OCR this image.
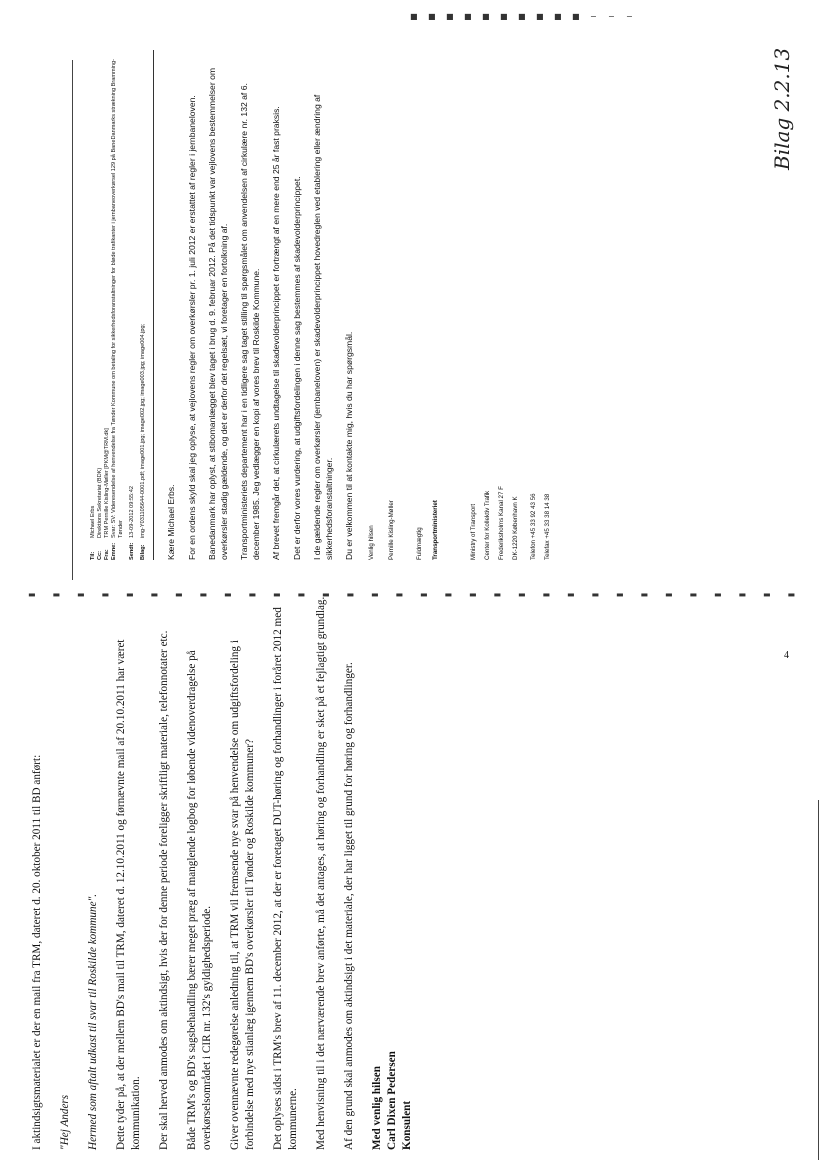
Bilag 2.2.13
■ ■ ■ ■ ■ ■ ■ ■ ■ ■ − − −
▬ ▬ ▬ ▬ ▬ ▬ ▬ ▬ ▬ ▬ ▬ ▬ ▬ ▬ ▬ ▬ ▬ ▬ ▬ ▬ ▬ ▬ ▬ ▬ ▬ ▬ ▬ ▬ ▬ ▬ ▬ ▬

I aktindsigtsmaterialet er der en mail fra TRM, dateret d. 20. oktober 2011 til BD anført: "Hej Anders Hermed som aftalt udkast til svar til Roskilde kommune". Dette tyder på, at der mellem BD's mail til TRM, dateret d. 12.10.2011 og førnævnte mail af 20.10.2011 har været kommunikation. Der skal herved anmodes om aktindsigt, hvis der for denne periode foreligger skriftligt materiale, telefonnotater etc. Både TRM's og BD's sagsbehandling bærer meget præg af manglende logbog for løbende videnoverdragelse på overkørselsområdet i CIR nr. 132's gyldighedsperiode. Giver ovennævnte redegørelse anledning til, at TRM vil fremsende nye svar på henvendelse om udgiftsfordeling i forbindelse med nye stianlæg igennem BD's overkørsler til Tønder og Roskilde kommuner? Det oplyses sidst i TRM's brev af 11. december 2012, at der er foretaget DUT-høring og forhandlinger i foråret 2012 med kommunerne. Med henvisning til i det nærværende brev anførte, må det antages, at høring og forhandling er sket på et fejlagtigt grundlag. Af den grund skal anmodes om aktindsigt i det materiale, der har ligget til grund for høring og forhandlinger. Med venlig hilsen Carl Dixen Pedersen Konsulent
4
Til:
Michael Erbs
Cc:
Direktions Sekretariat (BDK)
Fra:
TRM Pernille Kisling-Møller [PKM@TRM.dk]
Emne:
Svar: SV: Videresendelse af henvendelse fra Tønder Kommune om betaling for sikkerhedsforanstaltninger for bløde trafikanter i jernbaneoverkørsel 129 på BaneDanmarks strækning Bramming-Tønder
Sendt:
13-09-2012 09:55:42
Bilag:
img-Y031105644-0001.pdf; image001.jpg; image002.jpg; image003.jpg; image004.jpg; Kære Michael Erbs. For en ordens skyld skal jeg oplyse, at vejlovens regler om overkørsler pr. 1. juli 2012 er erstattet af regler i jernbaneloven. Banedanmark har oplyst, at stibomanlægget blev taget i brug d. 9. februar 2012. På det tidspunkt var vejlovens bestemmelser om overkørsler stadig gældende, og det er derfor det regelsæt, vi foretager en fortolkning af. Transportministeriets departement har i en tidligere sag taget stilling til spørgsmålet om anvendelsen af cirkulære nr. 132 af 6. december 1985. Jeg vedlægger en kopi af vores brev til Roskilde Kommune. Af brevet fremgår det, at cirkulærets undtagelse til skadevolderprincippet er fortrængt af en mere end 25 år fast praksis. Det er derfor vores vurdering, at udgiftsfordelingen i denne sag bestemmes af skadevolderprincippet. I de gældende regler om overkørsler (jernbaneloven) er skadevolderprincippet hovedreglen ved etablering eller ændring af sikkerhedsforanstaltninger. Du er velkommen til at kontakte mig, hvis du har spørgsmål.	Venlig hilsen	Pernille Kisling-Møller	Fuldmægtig	Transportministeriet	Ministry of Transport	Center for Kollektiv Trafik	Frederiksholms Kanal 27 F	DK-1220 København K	Telefon +45 33 92 43 56	Telefax +45 33 38 14 38
